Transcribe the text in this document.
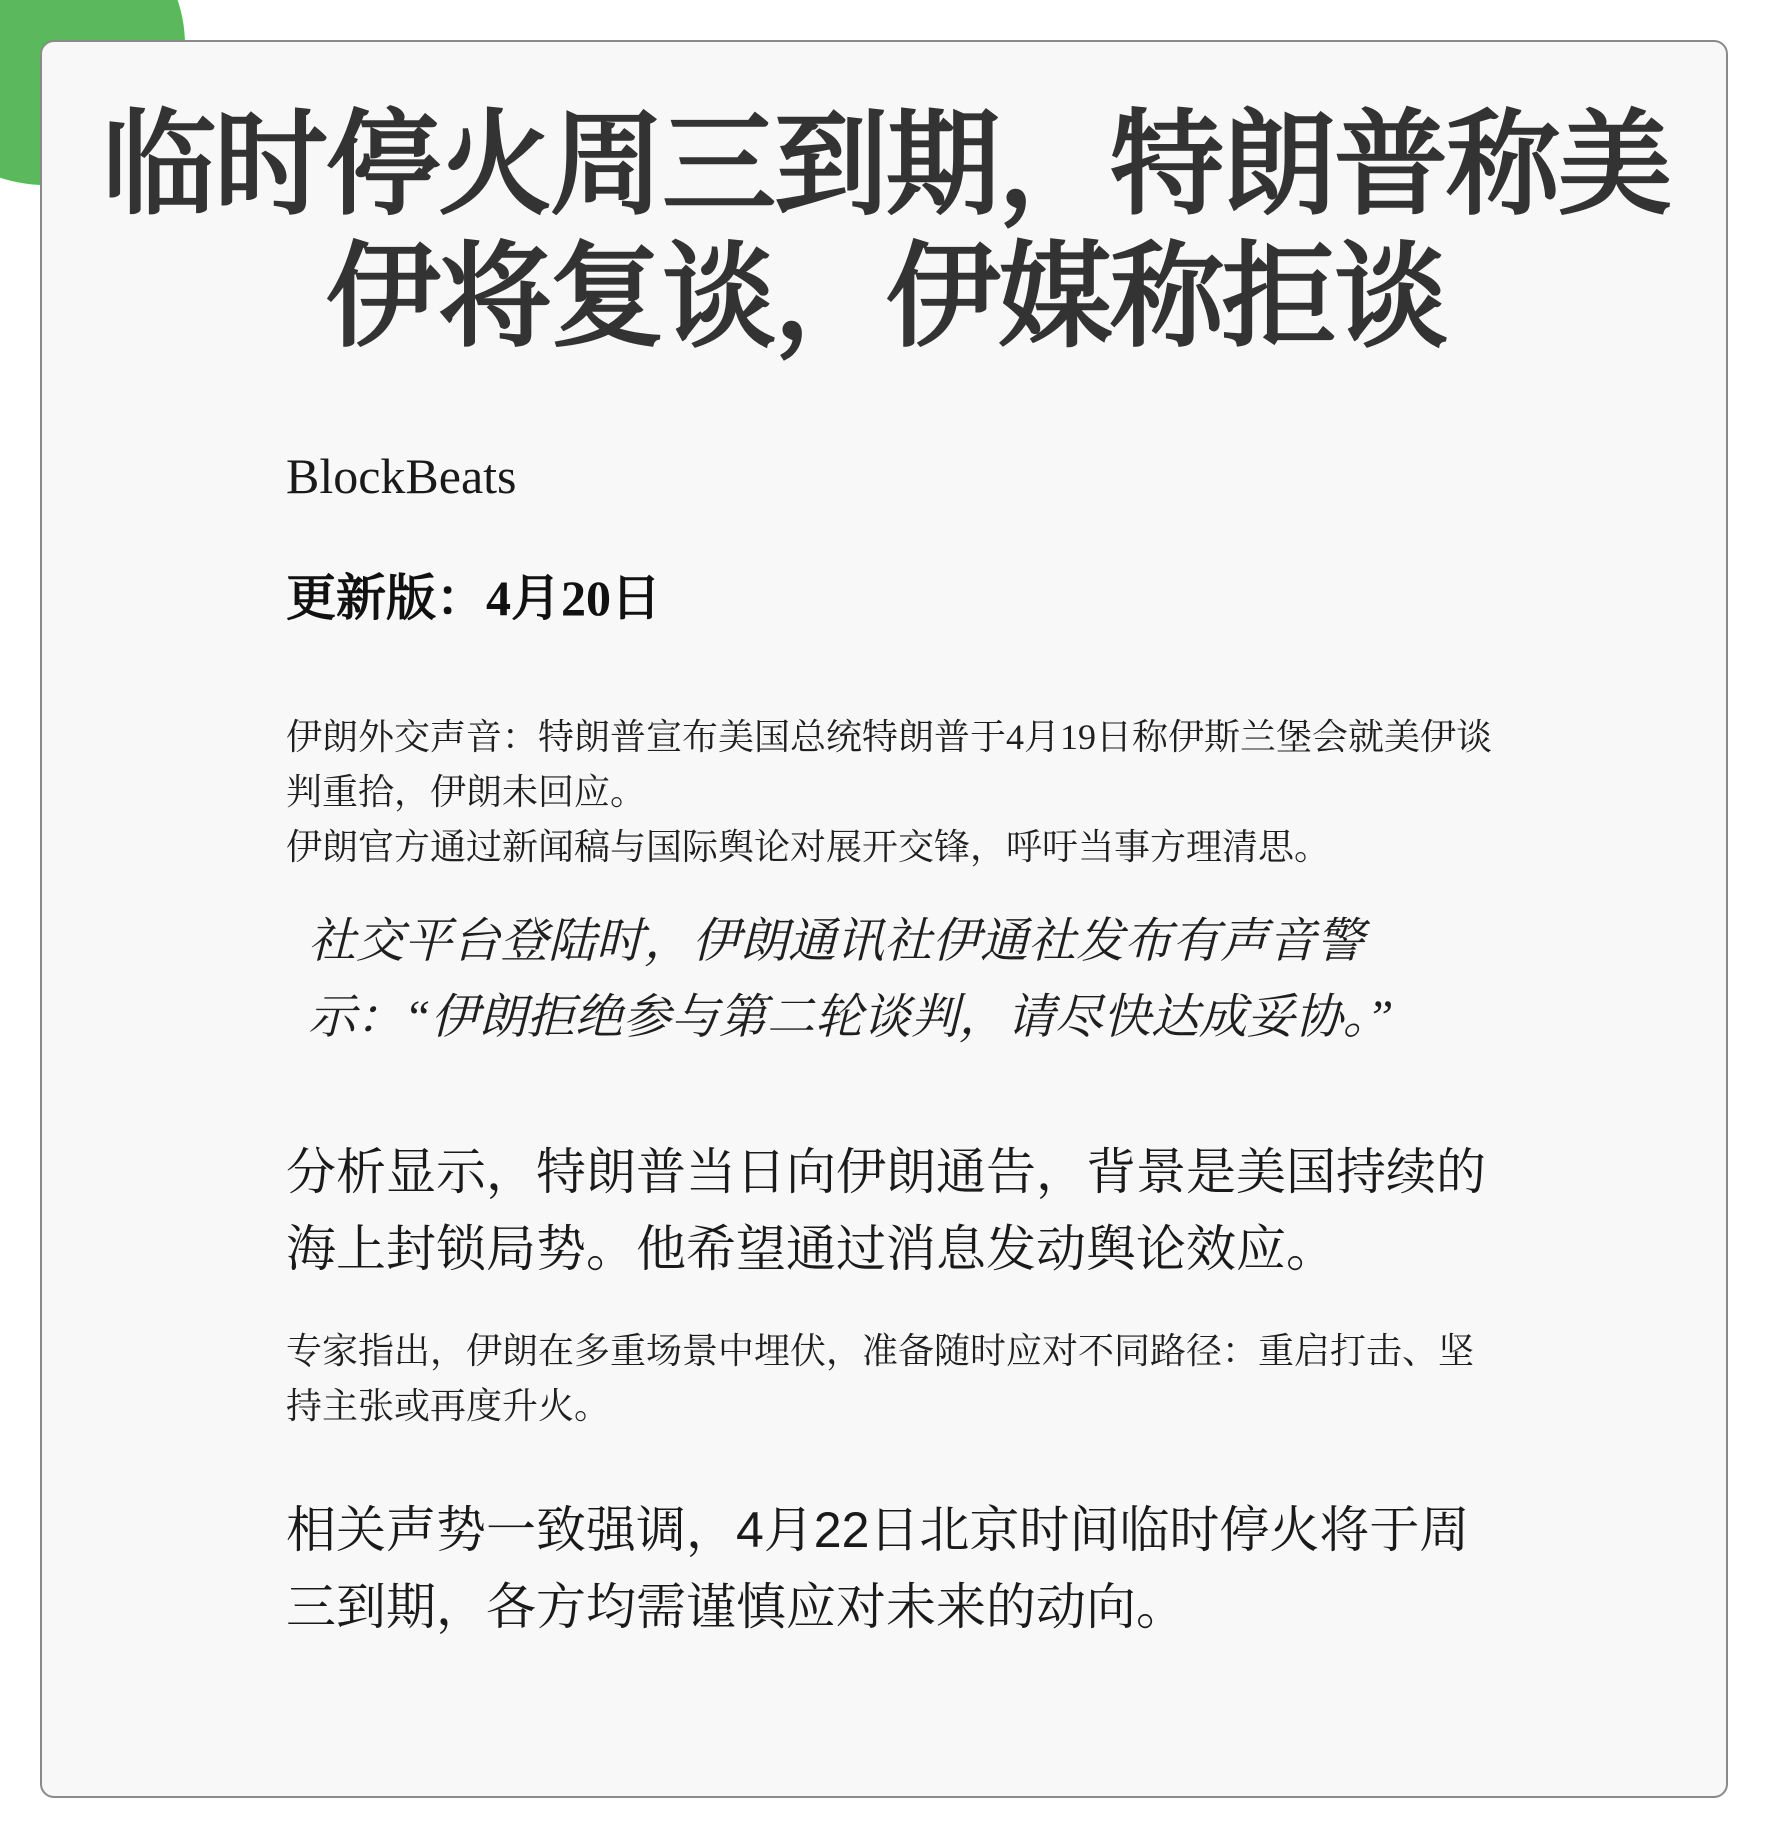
临时停火周三到期，特朗普称美伊将复谈，伊媒称拒谈
BlockBeats
更新版：4月20日

伊朗外交声音：特朗普宣布美国总统特朗普于4月19日称伊斯兰堡会就美伊谈判重拾，伊朗未回应。
伊朗官方通过新闻稿与国际舆论对展开交锋，呼吁当事方理清思。

社交平台登陆时，伊朗通讯社伊通社发布有声音警示：“伊朗拒绝参与第二轮谈判，请尽快达成妥协。”

分析显示，特朗普当日向伊朗通告，背景是美国持续的海上封锁局势。他希望通过消息发动舆论效应。

专家指出，伊朗在多重场景中埋伏，准备随时应对不同路径：重启打击、坚持主张或再度升火。

相关声势一致强调，4月22日北京时间临时停火将于周三到期，各方均需谨慎应对未来的动向。
